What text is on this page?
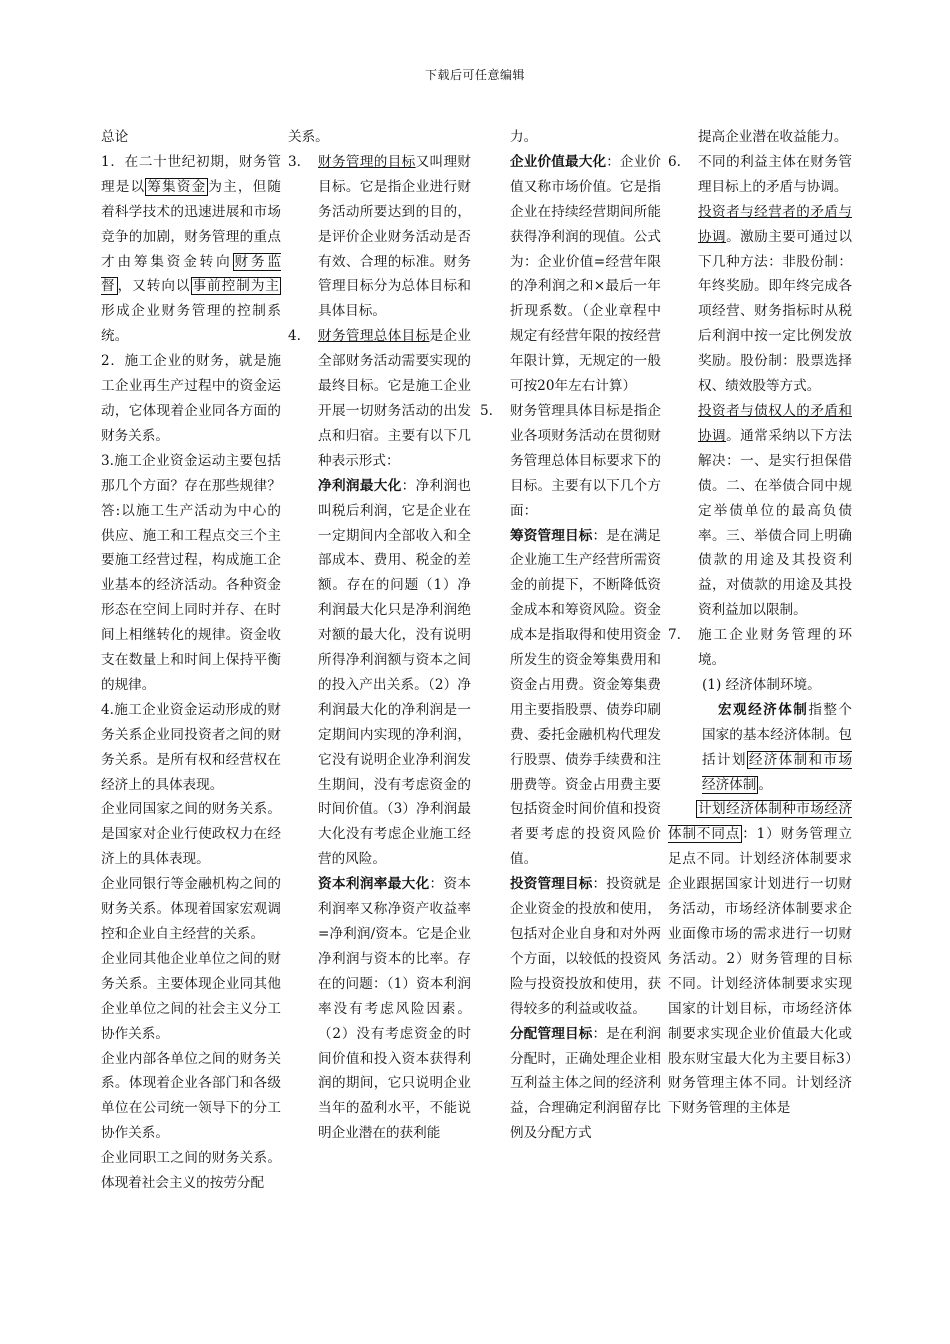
下载后可任意编辑
总论
1．在二十世纪初期，财务管理是以 筹集资金 为主，但随着科学技术的迅速进展和市场竞争的加剧，财务管理的重点才由筹集资金转向 财务监督 ，又转向以 事前控制为主形成企业财务管理的控制系统。
2．施工企业的财务，就是施工企业再生产过程中的资金运动，它体现着企业同各方面的财务关系。
3.施工企业资金运动主要包括那几个方面？存在那些规律？答:以施工生产活动为中心的供应、施工和工程点交三个主要施工经营过程，构成施工企业基本的经济活动。各种资金形态在空间上同时并存、在时间上相继转化的规律。资金收支在数量上和时间上保持平衡的规律。
4.施工企业资金运动形成的财务关系企业同投资者之间的财务关系。是所有权和经营权在经济上的具体表现。
企业同国家之间的财务关系。是国家对企业行使政权力在经济上的具体表现。
企业同银行等金融机构之间的财务关系。体现着国家宏观调控和企业自主经营的关系。
企业同其他企业单位之间的财务关系。主要体现企业同其他企业单位之间的社会主义分工协作关系。
企业内部各单位之间的财务关系。体现着企业各部门和各级单位在公司统一领导下的分工协作关系。
企业同职工之间的财务关系。体现着社会主义的按劳分配
关系。
3.	财务管理的目标又叫理财目标。它是指企业进行财务活动所要达到的目的，是评价企业财务活动是否有效、合理的标准。财务管理目标分为总体目标和具体目标。
4.	财务管理总体目标是企业全部财务活动需要实现的最终目标。它是施工企业开展一切财务活动的出发点和归宿。主要有以下几种表示形式：
净利润最大化：净利润也叫税后利润，它是企业在一定期间内全部收入和全部成本、费用、税金的差额。存在的问题（1）净利润最大化只是净利润绝对额的最大化，没有说明所得净利润额与资本之间的投入产出关系。（2）净利润最大化的净利润是一定期间内实现的净利润，它没有说明企业净利润发生期间，没有考虑资金的时间价值。（3）净利润最大化没有考虑企业施工经营的风险。
资本利润率最大化：资本利润率又称净资产收益率=净利润/资本。它是企业净利润与资本的比率。存在的问题：（1）资本利润率没有考虑风险因素。（2）没有考虑资金的时间价值和投入资本获得利润的期间，它只说明企业当年的盈利水平，不能说明企业潜在的获利能
力。
企业价值最大化：企业价值又称市场价值。它是指企业在持续经营期间所能获得净利润的现值。公式为：企业价值=经营年限的净利润之和×最后一年折现系数。（企业章程中规定有经营年限的按经营年限计算，无规定的一般可按20年左右计算）
5.	财务管理具体目标是指企业各项财务活动在贯彻财务管理总体目标要求下的目标。主要有以下几个方面：
筹资管理目标：是在满足企业施工生产经营所需资金的前提下，不断降低资金成本和筹资风险。资金成本是指取得和使用资金所发生的资金筹集费用和资金占用费。资金筹集费用主要指股票、债券印刷费、委托金融机构代理发行股票、债券手续费和注册费等。资金占用费主要包括资金时间价值和投资者要考虑的投资风险价值。
投资管理目标：投资就是企业资金的投放和使用，包括对企业自身和对外两个方面，以较低的投资风险与投资投放和使用，获得较多的利益或收益。
分配管理目标：是在利润分配时，正确处理企业相互利益主体之间的经济利益，合理确定利润留存比例及分配方式
提高企业潜在收益能力。
6.	不同的利益主体在财务管理目标上的矛盾与协调。
投资者与经营者的矛盾与协调。激励主要可通过以下几种方法：非股份制：年终奖励。即年终完成各项经营、财务指标时从税后利润中按一定比例发放奖励。股份制：股票选择权、绩效股等方式。
投资者与债权人的矛盾和协调。通常采纳以下方法解决：一、是实行担保借债。二、在举债合同中规定举债单位的最高负债率。三、举债合同上明确债款的用途及其投资利益，对债款的用途及其投资利益加以限制。
7.	施工企业财务管理的环境。
(1) 经济体制环境。
宏观经济体制指整个国家的基本经济体制。包括计划 经济体制和市场经济体制 。
计划经济体制种市场经济体制不同点 ：1）财务管理立足点不同。计划经济体制要求企业跟据国家计划进行一切财务活动，市场经济体制要求企业面像市场的需求进行一切财务活动。2）财务管理的目标不同。计划经济体制要求实现国家的计划目标，市场经济体制要求实现企业价值最大化或股东财宝最大化为主要目标3）财务管理主体不同。计划经济下财务管理的主体是
